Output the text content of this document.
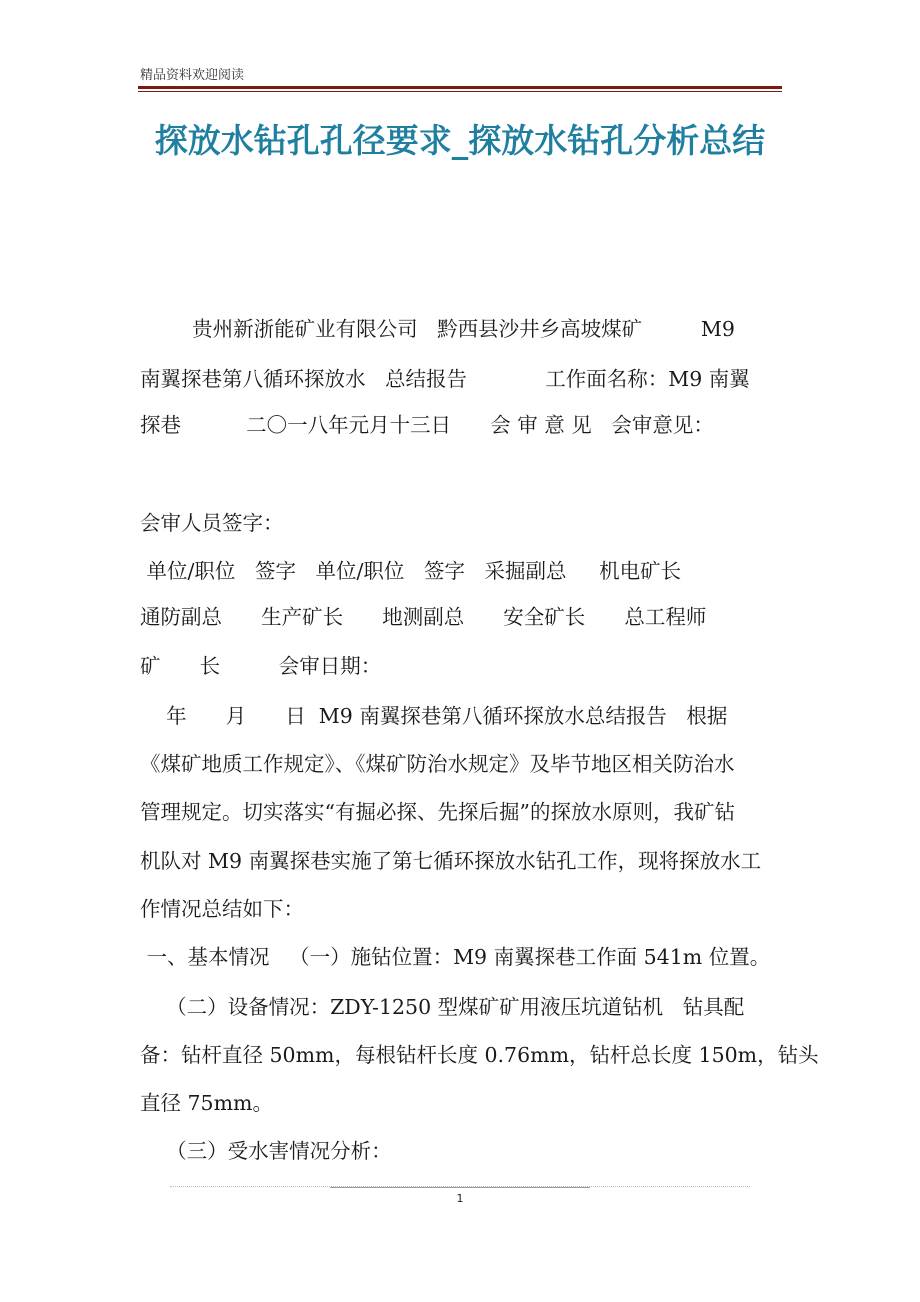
精品资料欢迎阅读
探放水钻孔孔径要求_探放水钻孔分析总结
贵州新浙能矿业有限公司   黔西县沙井乡高坡煤矿         M9
南翼探巷第八循环探放水   总结报告            工作面名称：M9 南翼
探巷          二〇一八年元月十三日      会 审 意 见   会审意见：
会审人员签字：
单位/职位   签字   单位/职位   签字   采掘副总     机电矿长
通防副总      生产矿长      地测副总      安全矿长      总工程师
矿      长         会审日期：
年      月      日  M9 南翼探巷第八循环探放水总结报告   根据
《煤矿地质工作规定》、《煤矿防治水规定》及毕节地区相关防治水
管理规定。切实落实“有掘必探、先探后掘”的探放水原则，我矿钻
机队对 M9 南翼探巷实施了第七循环探放水钻孔工作，现将探放水工
作情况总结如下：
一、基本情况   （一）施钻位置：M9 南翼探巷工作面 541m 位置。
（二）设备情况：ZDY-1250 型煤矿矿用液压坑道钻机   钻具配
备：钻杆直径 50mm，每根钻杆长度 0.76mm，钻杆总长度 150m，钻头
直径 75mm。
（三）受水害情况分析：
1
